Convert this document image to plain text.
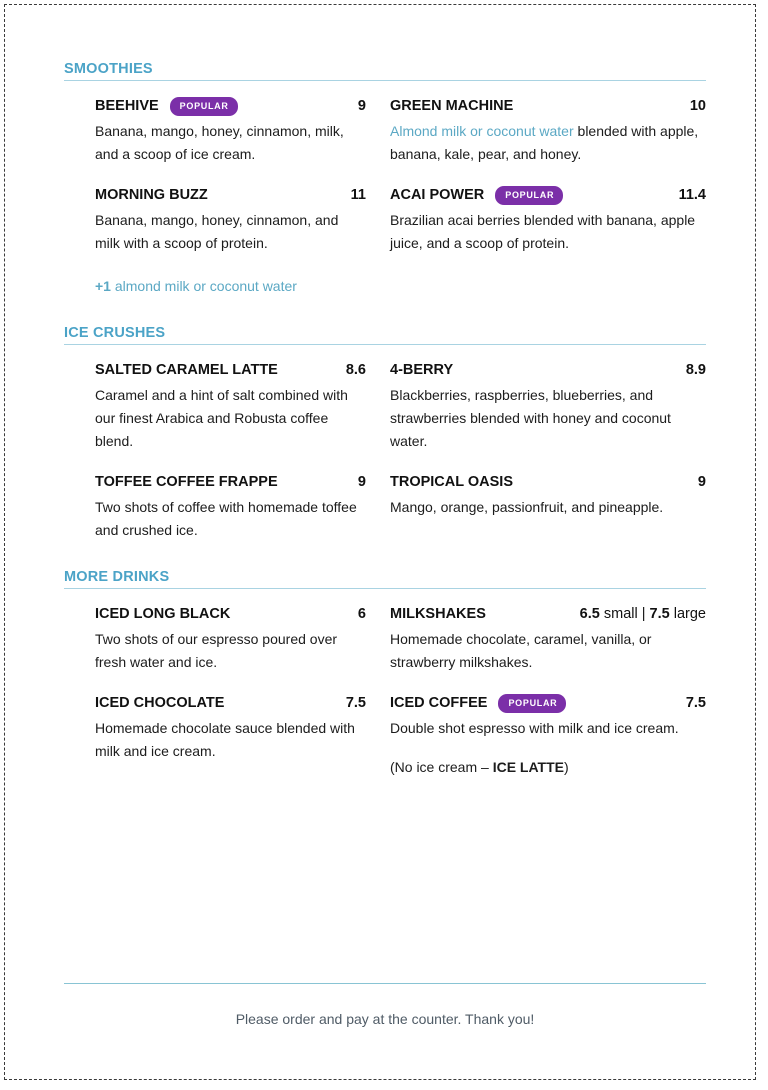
SMOOTHIES
BEEHIVE	POPULAR	9
Banana, mango, honey, cinnamon, milk, and a scoop of ice cream.
MORNING BUZZ	11
Banana, mango, honey, cinnamon, and milk with a scoop of protein.
+1 almond milk or coconut water
GREEN MACHINE	10
Almond milk or coconut water blended with apple, banana, kale, pear, and honey.
ACAI POWER	POPULAR	11.4
Brazilian acai berries blended with banana, apple juice, and a scoop of protein.
ICE CRUSHES
SALTED CARAMEL LATTE	8.6
Caramel and a hint of salt combined with our finest Arabica and Robusta coffee blend.
TOFFEE COFFEE FRAPPE	9
Two shots of coffee with homemade toffee and crushed ice.
4-BERRY	8.9
Blackberries, raspberries, blueberries, and strawberries blended with honey and coconut water.
TROPICAL OASIS	9
Mango, orange, passionfruit, and pineapple.
MORE DRINKS
ICED LONG BLACK	6
Two shots of our espresso poured over fresh water and ice.
ICED CHOCOLATE	7.5
Homemade chocolate sauce blended with milk and ice cream.
MILKSHAKES	6.5 small | 7.5 large
Homemade chocolate, caramel, vanilla, or strawberry milkshakes.
ICED COFFEE	POPULAR	7.5
Double shot espresso with milk and ice cream.
(No ice cream – ICE LATTE)
Please order and pay at the counter. Thank you!
